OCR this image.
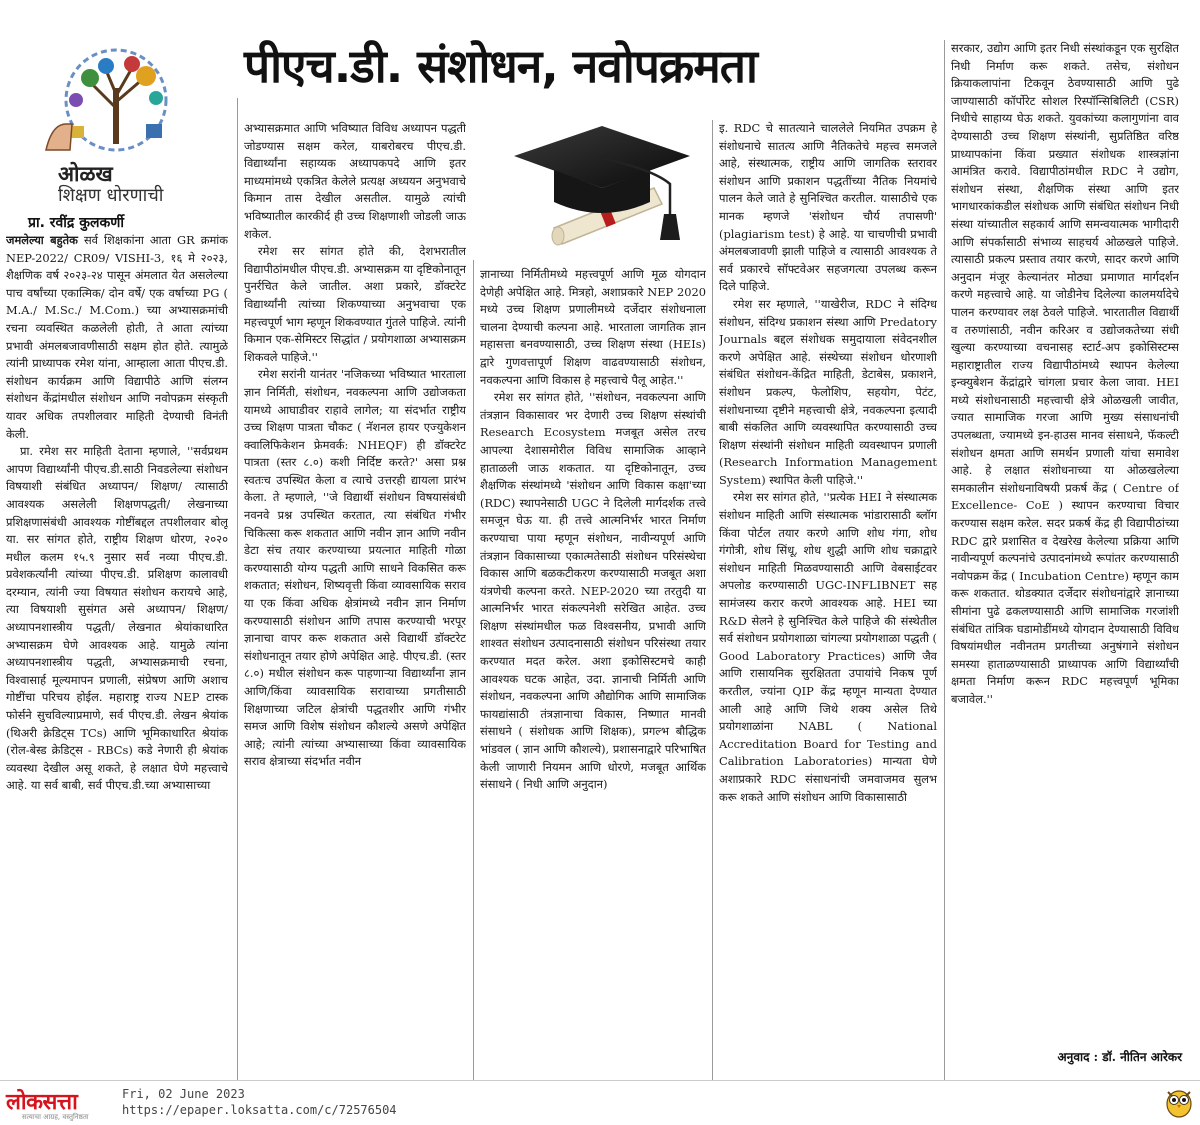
ओळख
शिक्षण धोरणाची
प्रा. रवींद्र कुलकर्णी
पीएच.डी. संशोधन, नवोपक्रमता

जमलेल्या बहुतेक सर्व शिक्षकांना आता GR क्रमांक NEP-2022/ CR09/ VISHI-3, १६ मे २०२३, शैक्षणिक वर्ष २०२३-२४ पासून अंमलात येत असलेल्या पाच वर्षांच्या एकात्मिक/ दोन वर्षे/ एक वर्षाच्या PG ( M.A./ M.Sc./ M.Com.) च्या अभ्यासक्रमांची रचना व्यवस्थित कळलेली होती, ते आता त्यांच्या प्रभावी अंमलबजावणीसाठी सक्षम होत होते. त्यामुळे त्यांनी प्राध्यापक रमेश यांना, आम्हाला आता पीएच.डी. संशोधन कार्यक्रम आणि विद्यापीठे आणि संलग्न संशोधन केंद्रांमधील संशोधन आणि नवोपक्रम संस्कृती यावर अधिक तपशीलवार माहिती देण्याची विनंती केली.

प्रा. रमेश सर माहिती देताना म्हणाले, ''सर्वप्रथम आपण विद्यार्थ्यांनी पीएच.डी.साठी निवडलेल्या संशोधन विषयाशी संबंधित अध्यापन/ शिक्षण/ त्यासाठी आवश्यक असलेली शिक्षणपद्धती/ लेखनाच्या प्रशिक्षणासंबंधी आवश्यक गोष्टींबद्दल तपशीलवार बोलू या. सर सांगत होते, राष्ट्रीय शिक्षण धोरण, २०२० मधील कलम १५.९ नुसार सर्व नव्या पीएच.डी. प्रवेशकर्त्यांनी त्यांच्या पीएच.डी. प्रशिक्षण कालावधी दरम्यान, त्यांनी ज्या विषयात संशोधन करायचे आहे, त्या विषयाशी सुसंगत असे अध्यापन/ शिक्षण/ अध्यापनशास्त्रीय पद्धती/ लेखनात श्रेयांकाधारित अभ्यासक्रम घेणे आवश्यक आहे. यामुळे त्यांना अध्यापनशास्त्रीय पद्धती, अभ्यासक्रमाची रचना, विश्वासार्ह मूल्यमापन प्रणाली, संप्रेषण आणि अशाच गोष्टींचा परिचय होईल. महाराष्ट्र राज्य NEP टास्क फोर्सने सुचविल्याप्रमाणे, सर्व पीएच.डी. लेखन श्रेयांक (थिअरी क्रेडिट्स TCs) आणि भूमिकाधारित श्रेयांक (रोल-बेस्ड क्रेडिट्स - RBCs) कडे नेणारी ही श्रेयांक व्यवस्था देखील असू शकते, हे लक्षात घेणे महत्त्वाचे आहे. या सर्व बाबी, सर्व पीएच.डी.च्या अभ्यासाच्या

अभ्यासक्रमात आणि भविष्यात विविध अध्यापन पद्धती जोडण्यास सक्षम करेल, याबरोबरच पीएच.डी. विद्यार्थ्यांना सहाय्यक अध्यापकपदे आणि इतर माध्यमांमध्ये एकत्रित केलेले प्रत्यक्ष अध्ययन अनुभवाचे किमान तास देखील असतील. यामुळे त्यांची भविष्यातील कारकीर्द ही उच्च शिक्षणाशी जोडली जाऊ शकेल.

रमेश सर सांगत होते की, देशभरातील विद्यापीठांमधील पीएच.डी. अभ्यासक्रम या दृष्टिकोनातून पुनर्रचित केले जातील. अशा प्रकारे, डॉक्टरेट विद्यार्थ्यांनी त्यांच्या शिकण्याच्या अनुभवाचा एक महत्त्वपूर्ण भाग म्हणून शिकवण्यात गुंतले पाहिजे. त्यांनी किमान एक-सेमिस्टर सिद्धांत / प्रयोगशाळा अभ्यासक्रम शिकवले पाहिजे.''

रमेश सरांनी यानंतर 'नजिकच्या भविष्यात भारताला ज्ञान निर्मिती, संशोधन, नवकल्पना आणि उद्योजकता यामध्ये आघाडीवर राहावे लागेल; या संदर्भात राष्ट्रीय उच्च शिक्षण पात्रता चौकट ( नॅशनल हायर एज्युकेशन क्वालिफिकेशन फ्रेमवर्क: NHEQF) ही डॉक्टरेट पात्रता (स्तर ८.०) कशी निर्दिष्ट करते?' असा प्रश्न स्वतःच उपस्थित केला व त्याचे उत्तरही द्यायला प्रारंभ केला. ते म्हणाले, ''जे विद्यार्थी संशोधन विषयासंबंधी नवनवे प्रश्न उपस्थित करतात, त्या संबंधित गंभीर चिकित्सा करू शकतात आणि नवीन ज्ञान आणि नवीन डेटा संच तयार करण्याच्या प्रयत्नात माहिती गोळा करण्यासाठी योग्य पद्धती आणि साधने विकसित करू शकतात; संशोधन, शिष्यवृत्ती किंवा व्यावसायिक सराव या एक किंवा अधिक क्षेत्रांमध्ये नवीन ज्ञान निर्माण करण्यासाठी संशोधन आणि तपास करण्याची भरपूर ज्ञानाचा वापर करू शकतात असे विद्यार्थी डॉक्टरेट संशोधनातून तयार होणे अपेक्षित आहे. पीएच.डी. (स्तर ८.०) मधील संशोधन करू पाहणाऱ्या विद्यार्थ्यांना ज्ञान आणि/किंवा व्यावसायिक सरावाच्या प्रगतीसाठी शिक्षणाच्या जटिल क्षेत्रांची पद्धतशीर आणि गंभीर समज आणि विशेष संशोधन कौशल्ये असणे अपेक्षित आहे; त्यांनी त्यांच्या अभ्यासाच्या किंवा व्यावसायिक सराव क्षेत्राच्या संदर्भात नवीन

ज्ञानाच्या निर्मितीमध्ये महत्त्वपूर्ण आणि मूळ योगदान देणेही अपेक्षित आहे. मित्रहो, अशाप्रकारे NEP 2020 मध्ये उच्च शिक्षण प्रणालीमध्ये दर्जेदार संशोधनाला चालना देण्याची कल्पना आहे. भारताला जागतिक ज्ञान महासत्ता बनवण्यासाठी, उच्च शिक्षण संस्था (HEIs) द्वारे गुणवत्तापूर्ण शिक्षण वाढवण्यासाठी संशोधन, नवकल्पना आणि विकास हे महत्त्वाचे पैलू आहेत.''

रमेश सर सांगत होते, ''संशोधन, नवकल्पना आणि तंत्रज्ञान विकासावर भर देणारी उच्च शिक्षण संस्थांची Research Ecosystem मजबूत असेल तरच आपल्या देशासमोरील विविध सामाजिक आव्हाने हाताळली जाऊ शकतात. या दृष्टिकोनातून, उच्च शैक्षणिक संस्थांमध्ये 'संशोधन आणि विकास कक्षा'च्या (RDC) स्थापनेसाठी UGC ने दिलेली मार्गदर्शक तत्त्वे समजून घेऊ या. ही तत्त्वे आत्मनिर्भर भारत निर्माण करण्याचा पाया म्हणून संशोधन, नावीन्यपूर्ण आणि तंत्रज्ञान विकासाच्या एकात्मतेसाठी संशोधन परिसंस्थेचा विकास आणि बळकटीकरण करण्यासाठी मजबूत अशा यंत्रणेची कल्पना करते. NEP-2020 च्या तरतुदी या आत्मनिर्भर भारत संकल्पनेशी सरेखित आहेत. उच्च शिक्षण संस्थांमधील फळ विश्वसनीय, प्रभावी आणि शाश्वत संशोधन उत्पादनासाठी संशोधन परिसंस्था तयार करण्यात मदत करेल. अशा इकोसिस्टमचे काही आवश्यक घटक आहेत, उदा. ज्ञानाची निर्मिती आणि संशोधन, नवकल्पना आणि औद्योगिक आणि सामाजिक फायद्यांसाठी तंत्रज्ञानाचा विकास, निष्णात मानवी संसाधने ( संशोधक आणि शिक्षक), प्रगल्भ बौद्धिक भांडवल ( ज्ञान आणि कौशल्ये), प्रशासनाद्वारे परिभाषित केली जाणारी नियमन आणि धोरणे, मजबूत आर्थिक संसाधने ( निधी आणि अनुदान)

इ. RDC चे सातत्याने चाललेले नियमित उपक्रम हे संशोधनाचे सातत्य आणि नैतिकतेचे महत्त्व समजले आहे, संस्थात्मक, राष्ट्रीय आणि जागतिक स्तरावर संशोधन आणि प्रकाशन पद्धतींच्या नैतिक नियमांचे पालन केले जाते हे सुनिश्चित करतील. यासाठीचे एक मानक म्हणजे 'संशोधन चौर्य तपासणी' (plagiarism test) हे आहे. या चाचणीची प्रभावी अंमलबजावणी झाली पाहिजे व त्यासाठी आवश्यक ते सर्व प्रकारचे सॉफ्टवेअर सहजगत्या उपलब्ध करून दिले पाहिजे.

रमेश सर म्हणाले, ''याखेरीज, RDC ने संदिग्ध संशोधन, संदिग्ध प्रकाशन संस्था आणि Predatory Journals बद्दल संशोधक समुदायाला संवेदनशील करणे अपेक्षित आहे. संस्थेच्या संशोधन धोरणाशी संबंधित संशोधन-केंद्रित माहिती, डेटाबेस, प्रकाशने, संशोधन प्रकल्प, फेलोशिप, सहयोग, पेटंट, संशोधनाच्या दृष्टीने महत्त्वाची क्षेत्रे, नवकल्पना इत्यादी बाबी संकलित आणि व्यवस्थापित करण्यासाठी उच्च शिक्षण संस्थांनी संशोधन माहिती व्यवस्थापन प्रणाली (Research Information Management System) स्थापित केली पाहिजे.''

रमेश सर सांगत होते, ''प्रत्येक HEI ने संस्थात्मक संशोधन माहिती आणि संस्थात्मक भांडारासाठी ब्लॉग किंवा पोर्टल तयार करणे आणि शोध गंगा, शोध गंगोत्री, शोध सिंधू, शोध शुद्धी आणि शोध चक्राद्वारे संशोधन माहिती मिळवण्यासाठी आणि वेबसाईटवर अपलोड करण्यासाठी UGC-INFLIBNET सह सामंजस्य करार करणे आवश्यक आहे. HEI च्या R&D सेलने हे सुनिश्चित केले पाहिजे की संस्थेतील सर्व संशोधन प्रयोगशाळा चांगल्या प्रयोगशाळा पद्धती ( Good Laboratory Practices) आणि जैव आणि रासायनिक सुरक्षितता उपायांचे निकष पूर्ण करतील, ज्यांना QIP केंद्र म्हणून मान्यता देण्यात आली आहे आणि जिथे शक्य असेल तिथे प्रयोगशाळांना NABL ( National Accreditation Board for Testing and Calibration Laboratories) मान्यता घेणे अशाप्रकारे RDC संसाधनांची जमवाजमव सुलभ करू शकते आणि संशोधन आणि विकासासाठी

सरकार, उद्योग आणि इतर निधी संस्थांकडून एक सुरक्षित निधी निर्माण करू शकते. तसेच, संशोधन क्रियाकलापांना टिकवून ठेवण्यासाठी आणि पुढे जाण्यासाठी कॉर्पोरेट सोशल रिस्पॉन्सिबिलिटी (CSR) निधीचे साहाय्य घेऊ शकते. युवकांच्या कलागुणांना वाव देण्यासाठी उच्च शिक्षण संस्थांनी, सुप्रतिष्ठित वरिष्ठ प्राध्यापकांना किंवा प्रख्यात संशोधक शास्त्रज्ञांना आमंत्रित करावे. विद्यापीठांमधील RDC ने उद्योग, संशोधन संस्था, शैक्षणिक संस्था आणि इतर भागधारकांकडील संशोधक आणि संबंधित संशोधन निधी संस्था यांच्यातील सहकार्य आणि समन्वयात्मक भागीदारी आणि संपर्कासाठी संभाव्य साहचर्य ओळखले पाहिजे. त्यासाठी प्रकल्प प्रस्ताव तयार करणे, सादर करणे आणि अनुदान मंजूर केल्यानंतर मोठ्या प्रमाणात मार्गदर्शन करणे महत्त्वाचे आहे. या जोडीनेच दिलेल्या कालमर्यादेचे पालन करण्यावर लक्ष ठेवले पाहिजे. भारतातील विद्यार्थी व तरुणांसाठी, नवीन करिअर व उद्योजकतेच्या संधी खुल्या करण्याच्या वचनासह स्टार्ट-अप इकोसिस्टम्स महाराष्ट्रातील राज्य विद्यापीठांमध्ये स्थापन केलेल्या इन्क्युबेशन केंद्रांद्वारे चांगला प्रचार केला जावा. HEI मध्ये संशोधनासाठी महत्त्वाची क्षेत्रे ओळखली जावीत, ज्यात सामाजिक गरजा आणि मुख्य संसाधनांची उपलब्धता, ज्यामध्ये इन-हाउस मानव संसाधने, फॅकल्टी संशोधन क्षमता आणि समर्थन प्रणाली यांचा समावेश आहे. हे लक्षात संशोधनाच्या या ओळखलेल्या समकालीन संशोधनाविषयी प्रकर्ष केंद्र ( Centre of Excellence- CoE ) स्थापन करण्याचा विचार करण्यास सक्षम करेल. सदर प्रकर्ष केंद्र ही विद्यापीठांच्या RDC द्वारे प्रशासित व देखरेख केलेल्या प्रक्रिया आणि नावीन्यपूर्ण कल्पनांचे उत्पादनांमध्ये रूपांतर करण्यासाठी नवोपक्रम केंद्र ( Incubation Centre) म्हणून काम करू शकतात. थोडक्यात दर्जेदार संशोधनांद्वारे ज्ञानाच्या सीमांना पुढे ढकलण्यासाठी आणि सामाजिक गरजांशी संबंधित तांत्रिक घडामोडींमध्ये योगदान देण्यासाठी विविध विषयांमधील नवीनतम प्रगतीच्या अनुषंगाने संशोधन समस्या हाताळण्यासाठी प्राध्यापक आणि विद्यार्थ्यांची क्षमता निर्माण करून RDC महत्त्वपूर्ण भूमिका बजावेल.''

अनुवाद : डॉ. नीतिन आरेकर
लोकसत्ता
सत्याचा आग्रह, वस्तुनिष्ठता
Fri, 02 June 2023
https://epaper.loksatta.com/c/72576504
